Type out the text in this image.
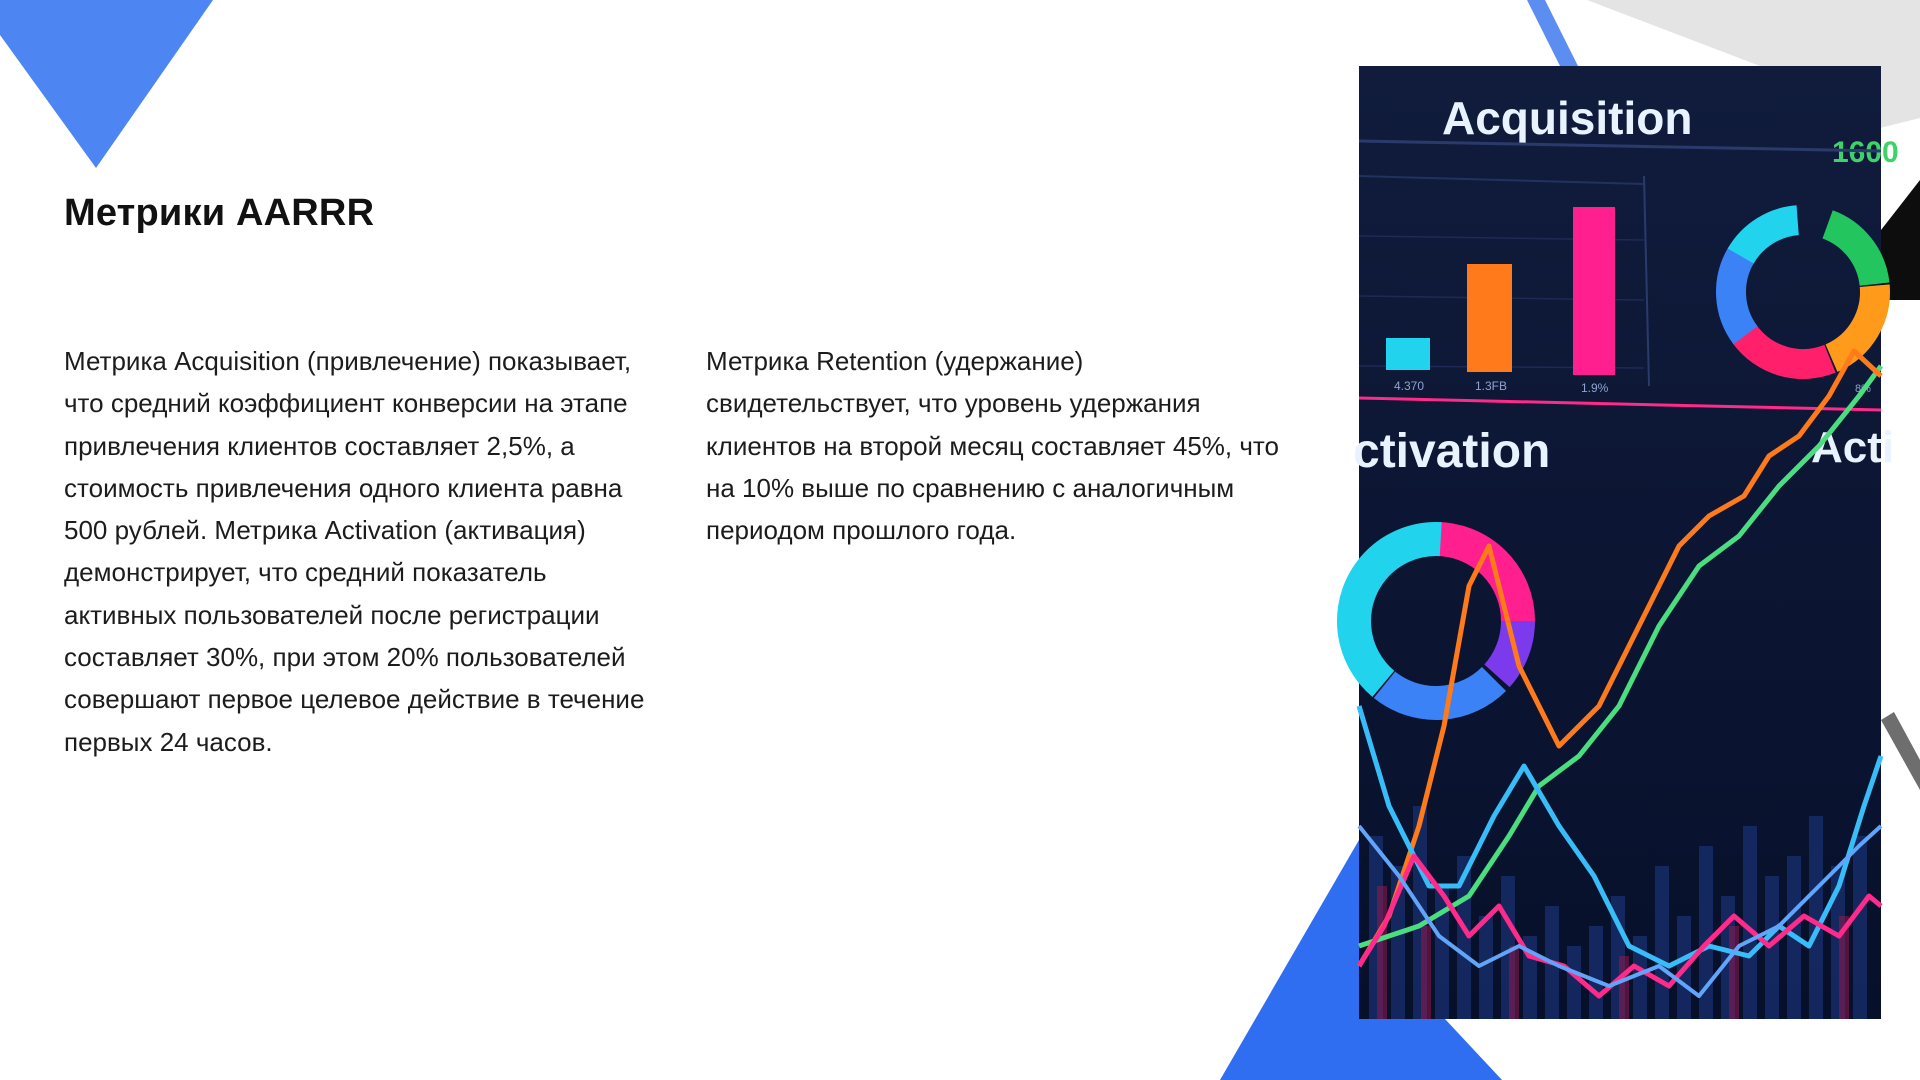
Метрики AARRR

Метрика Acquisition (привлечение) показывает, что средний коэффициент конверсии на этапе привлечения клиентов составляет 2,5%, а стоимость привлечения одного клиента равна 500 рублей. Метрика Activation (активация) демонстрирует, что средний показатель активных пользователей после регистрации составляет 30%, при этом 20% пользователей совершают первое целевое действие в течение первых 24 часов.

Метрика Retention (удержание) свидетельствует, что уровень удержания клиентов на второй месяц составляет 45%, что на 10% выше по сравнению с аналогичным периодом прошлого года.

Acquisition
1600
4.370	1.3FB	1.9%	8%
ctivation	Acti
